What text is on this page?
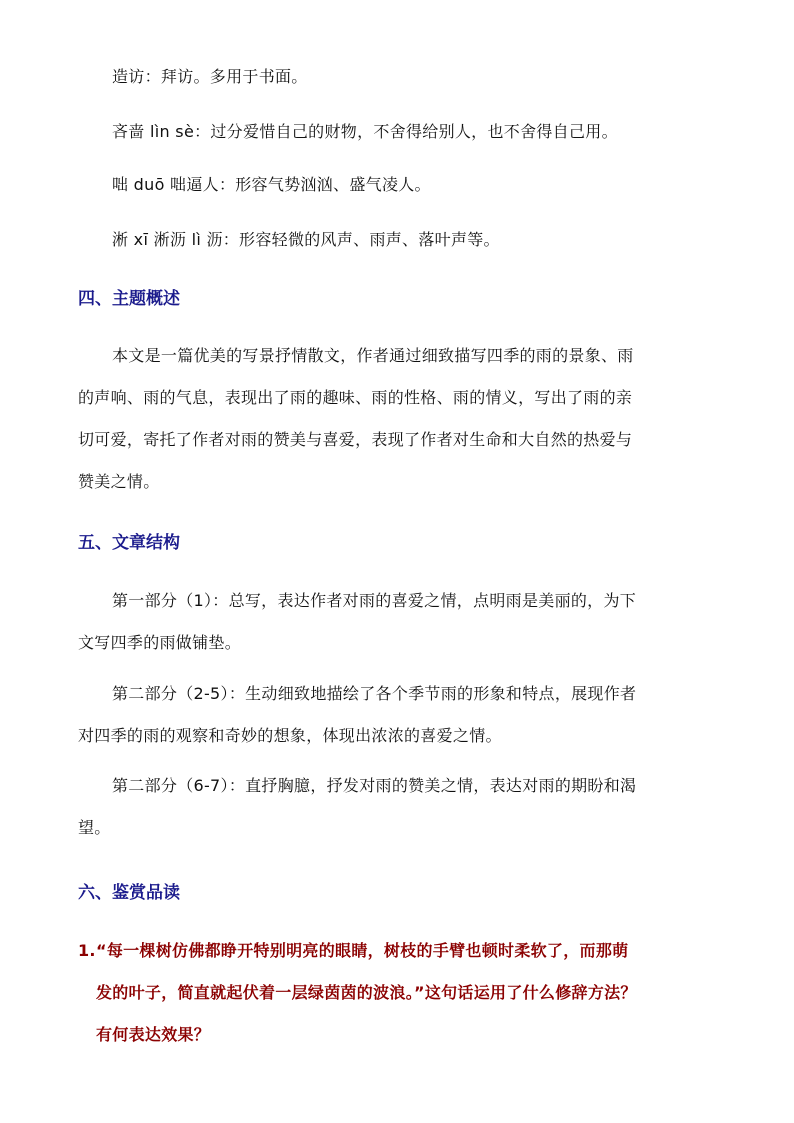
造访：拜访。多用于书面。
吝啬 lìn sè：过分爱惜自己的财物，不舍得给别人，也不舍得自己用。
咄 duō 咄逼人：形容气势汹汹、盛气凌人。
淅 xī 淅沥 lì 沥：形容轻微的风声、雨声、落叶声等。
四、主题概述
本文是一篇优美的写景抒情散文，作者通过细致描写四季的雨的景象、雨
的声响、雨的气息，表现出了雨的趣味、雨的性格、雨的情义，写出了雨的亲
切可爱，寄托了作者对雨的赞美与喜爱，表现了作者对生命和大自然的热爱与
赞美之情。
五、文章结构
第一部分（1）：总写，表达作者对雨的喜爱之情，点明雨是美丽的，为下
文写四季的雨做铺垫。
第二部分（2-5）：生动细致地描绘了各个季节雨的形象和特点，展现作者
对四季的雨的观察和奇妙的想象，体现出浓浓的喜爱之情。
第二部分（6-7）：直抒胸臆，抒发对雨的赞美之情，表达对雨的期盼和渴
望。
六、鉴赏品读
1.“每一棵树仿佛都睁开特别明亮的眼睛，树枝的手臂也顿时柔软了，而那萌
发的叶子，简直就起伏着一层绿茵茵的波浪。”这句话运用了什么修辞方法？
有何表达效果？
